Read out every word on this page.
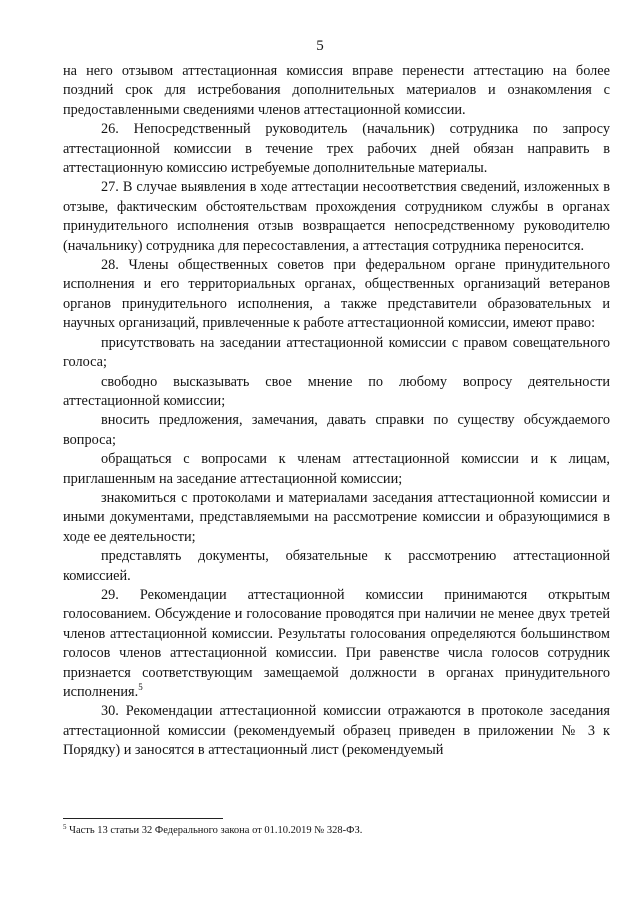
5

на него отзывом аттестационная комиссия вправе перенести аттестацию на более поздний срок для истребования дополнительных материалов и ознакомления с предоставленными сведениями членов аттестационной комиссии.

26. Непосредственный руководитель (начальник) сотрудника по запросу аттестационной комиссии в течение трех рабочих дней обязан направить в аттестационную комиссию истребуемые дополнительные материалы.

27. В случае выявления в ходе аттестации несоответствия сведений, изложенных в отзыве, фактическим обстоятельствам прохождения сотрудником службы в органах принудительного исполнения отзыв возвращается непосредственному руководителю (начальнику) сотрудника для пересоставления, а аттестация сотрудника переносится.

28. Члены общественных советов при федеральном органе принудительного исполнения и его территориальных органах, общественных организаций ветеранов органов принудительного исполнения, а также представители образовательных и научных организаций, привлеченные к работе аттестационной комиссии, имеют право:

присутствовать на заседании аттестационной комиссии с правом совещательного голоса;

свободно высказывать свое мнение по любому вопросу деятельности аттестационной комиссии;

вносить предложения, замечания, давать справки по существу обсуждаемого вопроса;

обращаться с вопросами к членам аттестационной комиссии и к лицам, приглашенным на заседание аттестационной комиссии;

знакомиться с протоколами и материалами заседания аттестационной комиссии и иными документами, представляемыми на рассмотрение комиссии и образующимися в ходе ее деятельности;

представлять документы, обязательные к рассмотрению аттестационной комиссией.

29. Рекомендации аттестационной комиссии принимаются открытым голосованием. Обсуждение и голосование проводятся при наличии не менее двух третей членов аттестационной комиссии. Результаты голосования определяются большинством голосов членов аттестационной комиссии. При равенстве числа голосов сотрудник признается соответствующим замещаемой должности в органах принудительного исполнения.$^5$

30. Рекомендации аттестационной комиссии отражаются в протоколе заседания аттестационной комиссии (рекомендуемый образец приведен в приложении № 3 к Порядку) и заносятся в аттестационный лист (рекомендуемый

$^5$ Часть 13 статьи 32 Федерального закона от 01.10.2019 № 328-ФЗ.
